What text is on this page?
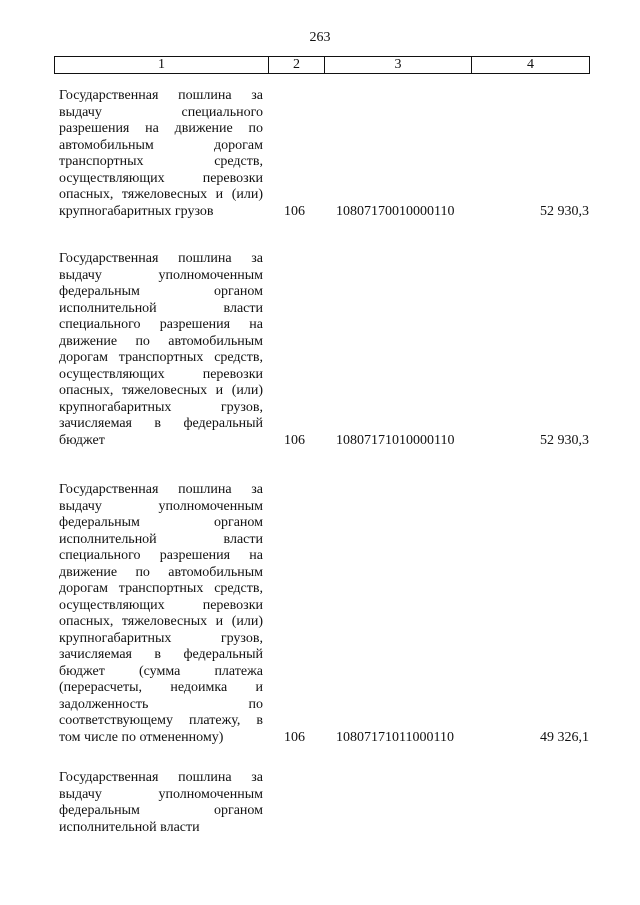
263
1	2	3	4
Государственная пошлина за
выдачу специального
разрешения на движение по
автомобильным дорогам
транспортных средств,
осуществляющих перевозки
опасных, тяжеловесных и (или)
крупногабаритных грузов	106 10807170010000110	52 930,3
Государственная пошлина за
выдачу уполномоченным
федеральным органом
исполнительной власти
специального разрешения на
движение по автомобильным
дорогам транспортных средств,
осуществляющих перевозки
опасных, тяжеловесных и (или)
крупногабаритных грузов,
зачисляемая в федеральный
бюджет	106 10807171010000110	52 930,3
Государственная пошлина за
выдачу уполномоченным
федеральным органом
исполнительной власти
специального разрешения на
движение по автомобильным
дорогам транспортных средств,
осуществляющих перевозки
опасных, тяжеловесных и (или)
крупногабаритных грузов,
зачисляемая в федеральный
бюджет (сумма платежа
(перерасчеты, недоимка и
задолженность по
соответствующему платежу, в
том числе по отмененному)	106 10807171011000110	49 326,1
Государственная пошлина за
выдачу уполномоченным
федеральным органом
исполнительной власти
